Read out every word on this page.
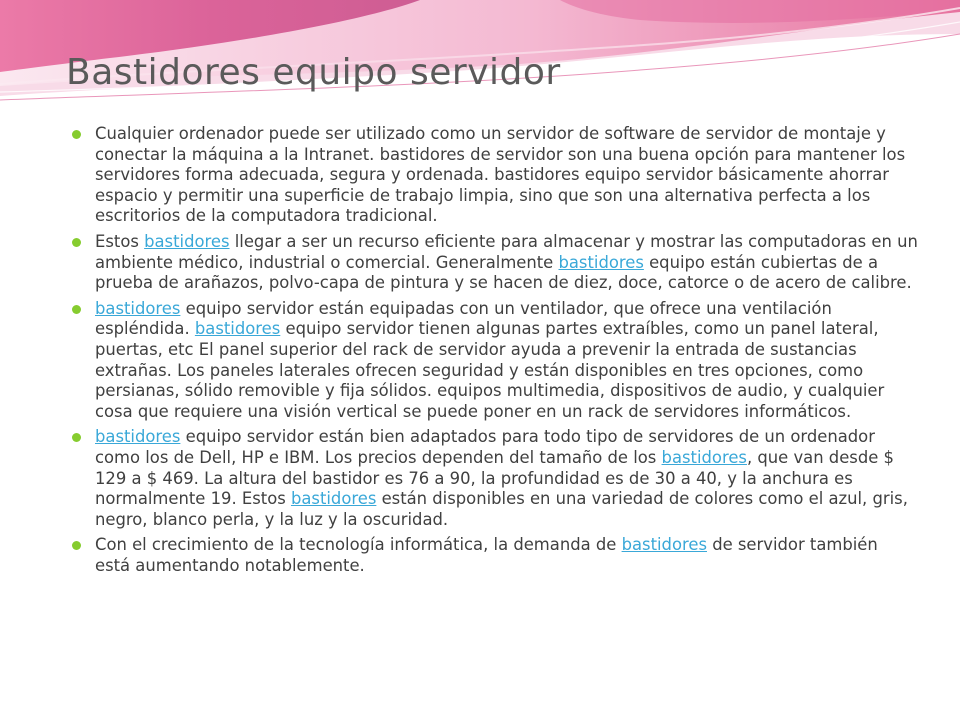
Bastidores equipo servidor
Cualquier ordenador puede ser utilizado como un servidor de software de servidor de montaje y conectar la máquina a la Intranet. bastidores de servidor son una buena opción para mantener los servidores forma adecuada, segura y ordenada. bastidores equipo servidor básicamente ahorrar espacio y permitir una superficie de trabajo limpia, sino que son una alternativa perfecta a los escritorios de la computadora tradicional.
Estos bastidores llegar a ser un recurso eficiente para almacenar y mostrar las computadoras en un ambiente médico, industrial o comercial. Generalmente bastidores equipo están cubiertas de a prueba de arañazos, polvo-capa de pintura y se hacen de diez, doce, catorce o de acero de calibre.
bastidores equipo servidor están equipadas con un ventilador, que ofrece una ventilación espléndida. bastidores equipo servidor tienen algunas partes extraíbles, como un panel lateral, puertas, etc El panel superior del rack de servidor ayuda a prevenir la entrada de sustancias extrañas. Los paneles laterales ofrecen seguridad y están disponibles en tres opciones, como persianas, sólido removible y fija sólidos. equipos multimedia, dispositivos de audio, y cualquier cosa que requiere una visión vertical se puede poner en un rack de servidores informáticos.
bastidores equipo servidor están bien adaptados para todo tipo de servidores de un ordenador como los de Dell, HP e IBM. Los precios dependen del tamaño de los bastidores, que van desde $ 129 a $ 469. La altura del bastidor es 76 a 90, la profundidad es de 30 a 40, y la anchura es normalmente 19. Estos bastidores están disponibles en una variedad de colores como el azul, gris, negro, blanco perla, y la luz y la oscuridad.
Con el crecimiento de la tecnología informática, la demanda de bastidores de servidor también está aumentando notablemente.
